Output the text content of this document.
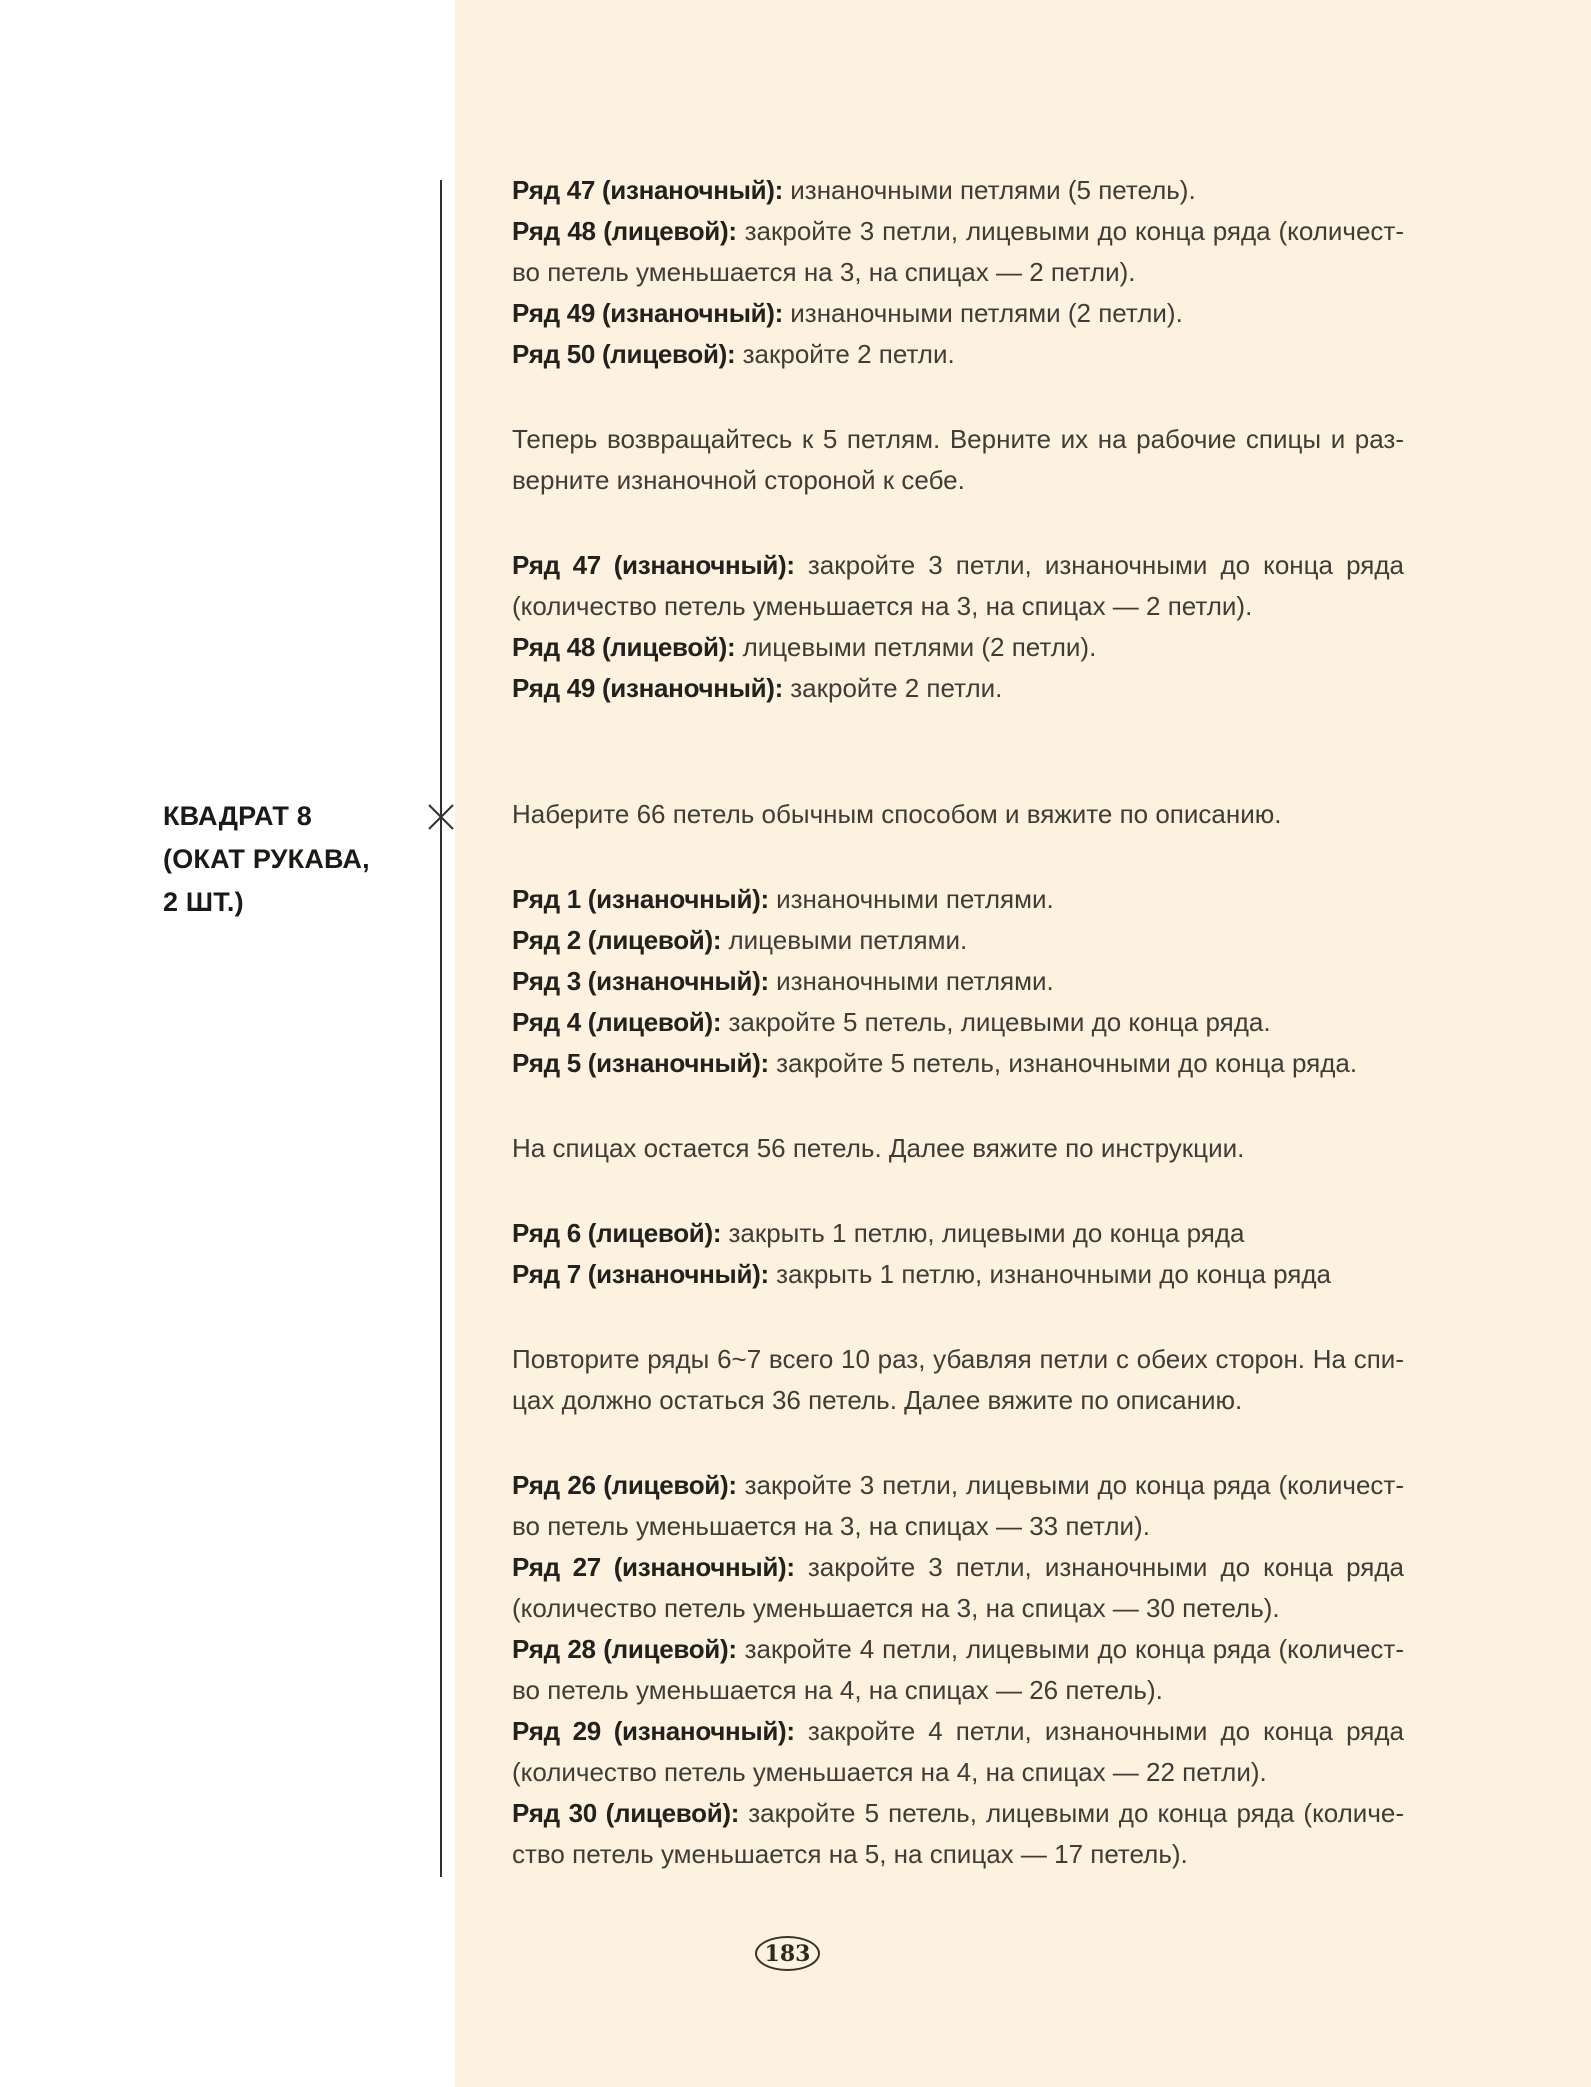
КВАДРАТ 8
(ОКАТ РУКАВА,
2 ШТ.)
Ряд 47 (изнаночный): изнаночными петлями (5 петель).
Ряд 48 (лицевой): закройте 3 петли, лицевыми до конца ряда (количест-
во петель уменьшается на 3, на спицах — 2 петли).
Ряд 49 (изнаночный): изнаночными петлями (2 петли).
Ряд 50 (лицевой): закройте 2 петли.
Теперь возвращайтесь к 5 петлям. Верните их на рабочие спицы и раз-
верните изнаночной стороной к себе.
Ряд 47 (изнаночный): закройте 3 петли, изнаночными до конца ряда
(количество петель уменьшается на 3, на спицах — 2 петли).
Ряд 48 (лицевой): лицевыми петлями (2 петли).
Ряд 49 (изнаночный): закройте 2 петли.
Наберите 66 петель обычным способом и вяжите по описанию.
Ряд 1 (изнаночный): изнаночными петлями.
Ряд 2 (лицевой): лицевыми петлями.
Ряд 3 (изнаночный): изнаночными петлями.
Ряд 4 (лицевой): закройте 5 петель, лицевыми до конца ряда.
Ряд 5 (изнаночный): закройте 5 петель, изнаночными до конца ряда.
На спицах остается 56 петель. Далее вяжите по инструкции.
Ряд 6 (лицевой): закрыть 1 петлю, лицевыми до конца ряда
Ряд 7 (изнаночный): закрыть 1 петлю, изнаночными до конца ряда
Повторите ряды 6~7 всего 10 раз, убавляя петли с обеих сторон. На спи-
цах должно остаться 36 петель. Далее вяжите по описанию.
Ряд 26 (лицевой): закройте 3 петли, лицевыми до конца ряда (количест-
во петель уменьшается на 3, на спицах — 33 петли).
Ряд 27 (изнаночный): закройте 3 петли, изнаночными до конца ряда
(количество петель уменьшается на 3, на спицах — 30 петель).
Ряд 28 (лицевой): закройте 4 петли, лицевыми до конца ряда (количест-
во петель уменьшается на 4, на спицах — 26 петель).
Ряд 29 (изнаночный): закройте 4 петли, изнаночными до конца ряда
(количество петель уменьшается на 4, на спицах — 22 петли).
Ряд 30 (лицевой): закройте 5 петель, лицевыми до конца ряда (количе-
ство петель уменьшается на 5, на спицах — 17 петель).
183
